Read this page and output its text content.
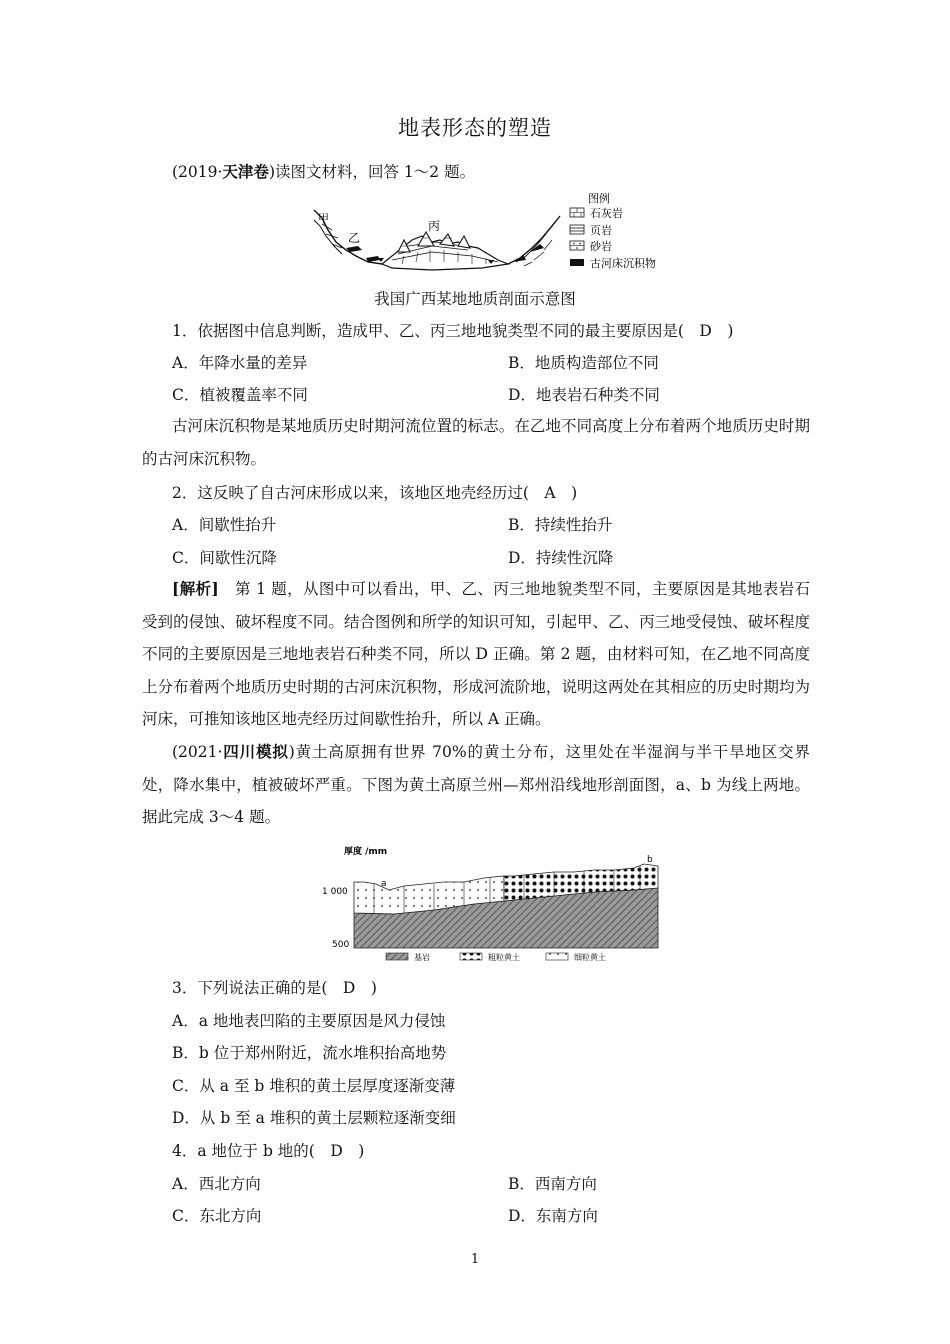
地表形态的塑造
(2019·天津卷)读图文材料，回答 1～2 题。
甲
乙
丙
图例
石灰岩
页岩
砂岩
古河床沉积物
我国广西某地地质剖面示意图
1．依据图中信息判断，造成甲、乙、丙三地地貌类型不同的最主要原因是(　D　)
A．年降水量的差异	B．地质构造部位不同
C．植被覆盖率不同	D．地表岩石种类不同
古河床沉积物是某地质历史时期河流位置的标志。在乙地不同高度上分布着两个地质历史时期的古河床沉积物。
2．这反映了自古河床形成以来，该地区地壳经历过(　A　)
A．间歇性抬升	B．持续性抬升
C．间歇性沉降	D．持续性沉降
[解析]　 第 1 题，从图中可以看出，甲、乙、丙三地地貌类型不同，主要原因是其地表岩石受到的侵蚀、破坏程度不同。结合图例和所学的知识可知，引起甲、乙、丙三地受侵蚀、破坏程度不同的主要原因是三地地表岩石种类不同，所以 D 正确。第 2 题，由材料可知，在乙地不同高度上分布着两个地质历史时期的古河床沉积物，形成河流阶地，说明这两处在其相应的历史时期均为河床，可推知该地区地壳经历过间歇性抬升，所以 A 正确。
(2021·四川模拟)黄土高原拥有世界 70%的黄土分布，这里处在半湿润与半干旱地区交界处，降水集中，植被破坏严重。下图为黄土高原兰州—郑州沿线地形剖面图，a、b 为线上两地。据此完成 3～4 题。
厚度 /mm
1 000
500
a
b
基岩	粗粒黄土	细粒黄土
3．下列说法正确的是(　D　)
A．a 地地表凹陷的主要原因是风力侵蚀
B．b 位于郑州附近，流水堆积抬高地势
C．从 a 至 b 堆积的黄土层厚度逐渐变薄
D．从 b 至 a 堆积的黄土层颗粒逐渐变细
4．a 地位于 b 地的(　D　)
A．西北方向	B．西南方向
C．东北方向	D．东南方向
1
